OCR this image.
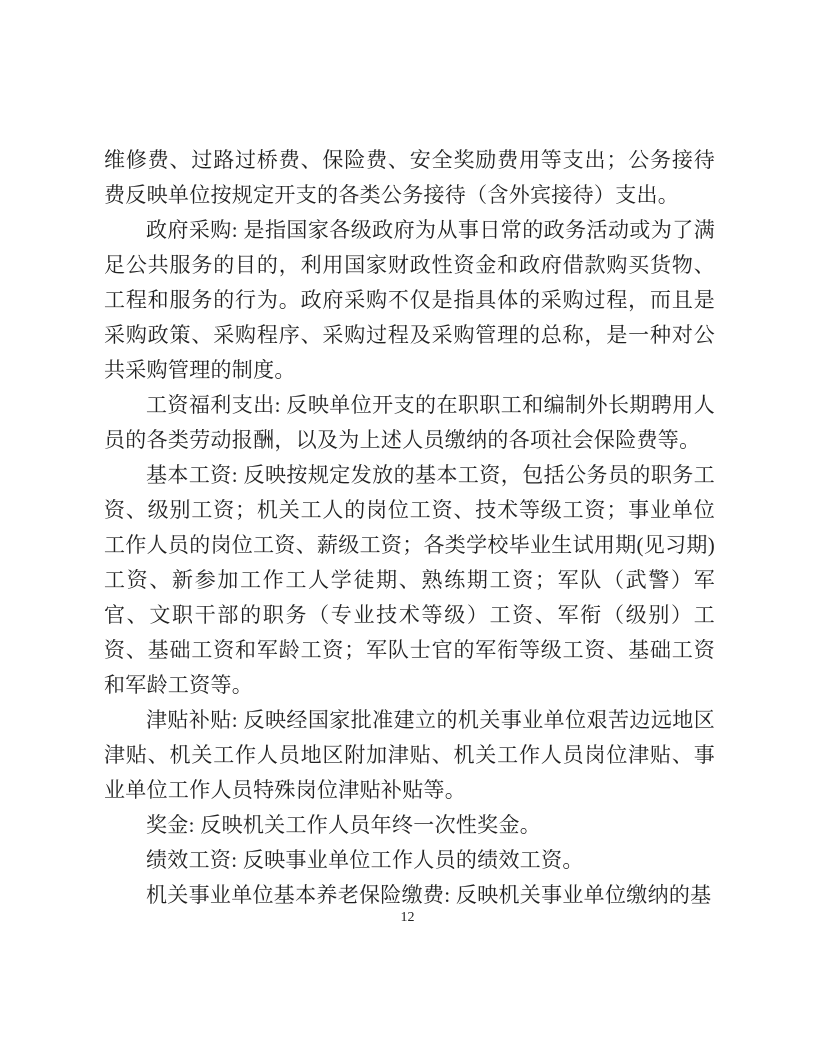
维修费、过路过桥费、保险费、安全奖励费用等支出；公务接待费反映单位按规定开支的各类公务接待（含外宾接待）支出。

政府采购: 是指国家各级政府为从事日常的政务活动或为了满足公共服务的目的，利用国家财政性资金和政府借款购买货物、工程和服务的行为。政府采购不仅是指具体的采购过程，而且是采购政策、采购程序、采购过程及采购管理的总称，是一种对公共采购管理的制度。

工资福利支出: 反映单位开支的在职职工和编制外长期聘用人员的各类劳动报酬，以及为上述人员缴纳的各项社会保险费等。

基本工资: 反映按规定发放的基本工资，包括公务员的职务工资、级别工资；机关工人的岗位工资、技术等级工资；事业单位工作人员的岗位工资、薪级工资；各类学校毕业生试用期(见习期)工资、新参加工作工人学徒期、熟练期工资；军队（武警）军官、文职干部的职务（专业技术等级）工资、军衔（级别）工资、基础工资和军龄工资；军队士官的军衔等级工资、基础工资和军龄工资等。

津贴补贴: 反映经国家批准建立的机关事业单位艰苦边远地区津贴、机关工作人员地区附加津贴、机关工作人员岗位津贴、事业单位工作人员特殊岗位津贴补贴等。

奖金: 反映机关工作人员年终一次性奖金。

绩效工资: 反映事业单位工作人员的绩效工资。

机关事业单位基本养老保险缴费: 反映机关事业单位缴纳的基

12
